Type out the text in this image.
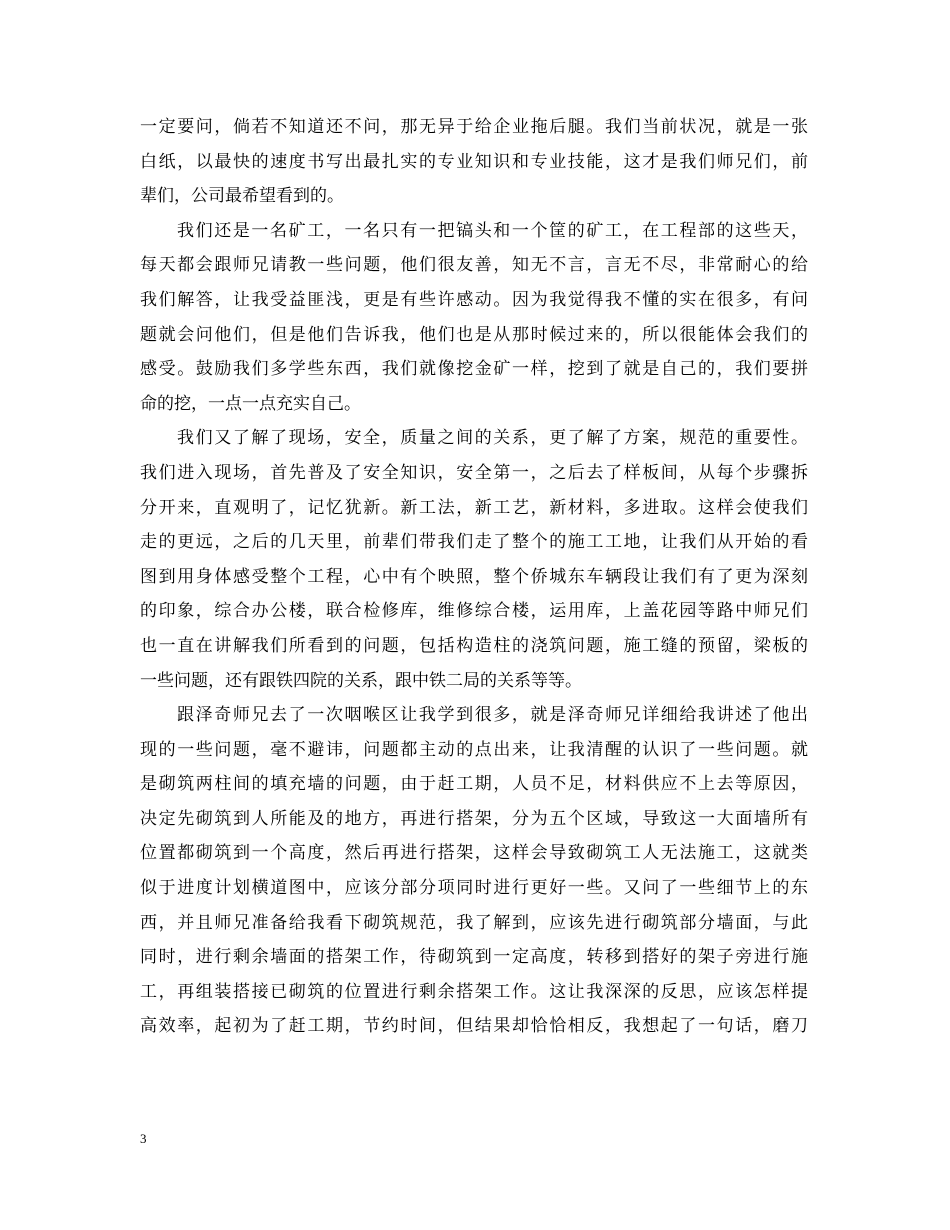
一定要问，倘若不知道还不问，那无异于给企业拖后腿。我们当前状况，就是一张
白纸，以最快的速度书写出最扎实的专业知识和专业技能，这才是我们师兄们，前
辈们，公司最希望看到的。
我们还是一名矿工，一名只有一把镐头和一个筐的矿工，在工程部的这些天，
每天都会跟师兄请教一些问题，他们很友善，知无不言，言无不尽，非常耐心的给
我们解答，让我受益匪浅，更是有些许感动。因为我觉得我不懂的实在很多，有问
题就会问他们，但是他们告诉我，他们也是从那时候过来的，所以很能体会我们的
感受。鼓励我们多学些东西，我们就像挖金矿一样，挖到了就是自己的，我们要拼
命的挖，一点一点充实自己。
我们又了解了现场，安全，质量之间的关系，更了解了方案，规范的重要性。
我们进入现场，首先普及了安全知识，安全第一，之后去了样板间，从每个步骤拆
分开来，直观明了，记忆犹新。新工法，新工艺，新材料，多进取。这样会使我们
走的更远，之后的几天里，前辈们带我们走了整个的施工工地，让我们从开始的看
图到用身体感受整个工程，心中有个映照，整个侨城东车辆段让我们有了更为深刻
的印象，综合办公楼，联合检修库，维修综合楼，运用库，上盖花园等路中师兄们
也一直在讲解我们所看到的问题，包括构造柱的浇筑问题，施工缝的预留，梁板的
一些问题，还有跟铁四院的关系，跟中铁二局的关系等等。
跟泽奇师兄去了一次咽喉区让我学到很多，就是泽奇师兄详细给我讲述了他出
现的一些问题，毫不避讳，问题都主动的点出来，让我清醒的认识了一些问题。就
是砌筑两柱间的填充墙的问题，由于赶工期，人员不足，材料供应不上去等原因，
决定先砌筑到人所能及的地方，再进行搭架，分为五个区域，导致这一大面墙所有
位置都砌筑到一个高度，然后再进行搭架，这样会导致砌筑工人无法施工，这就类
似于进度计划横道图中，应该分部分项同时进行更好一些。又问了一些细节上的东
西，并且师兄准备给我看下砌筑规范，我了解到，应该先进行砌筑部分墙面，与此
同时，进行剩余墙面的搭架工作，待砌筑到一定高度，转移到搭好的架子旁进行施
工，再组装搭接已砌筑的位置进行剩余搭架工作。这让我深深的反思，应该怎样提
高效率，起初为了赶工期，节约时间，但结果却恰恰相反，我想起了一句话，磨刀
3
